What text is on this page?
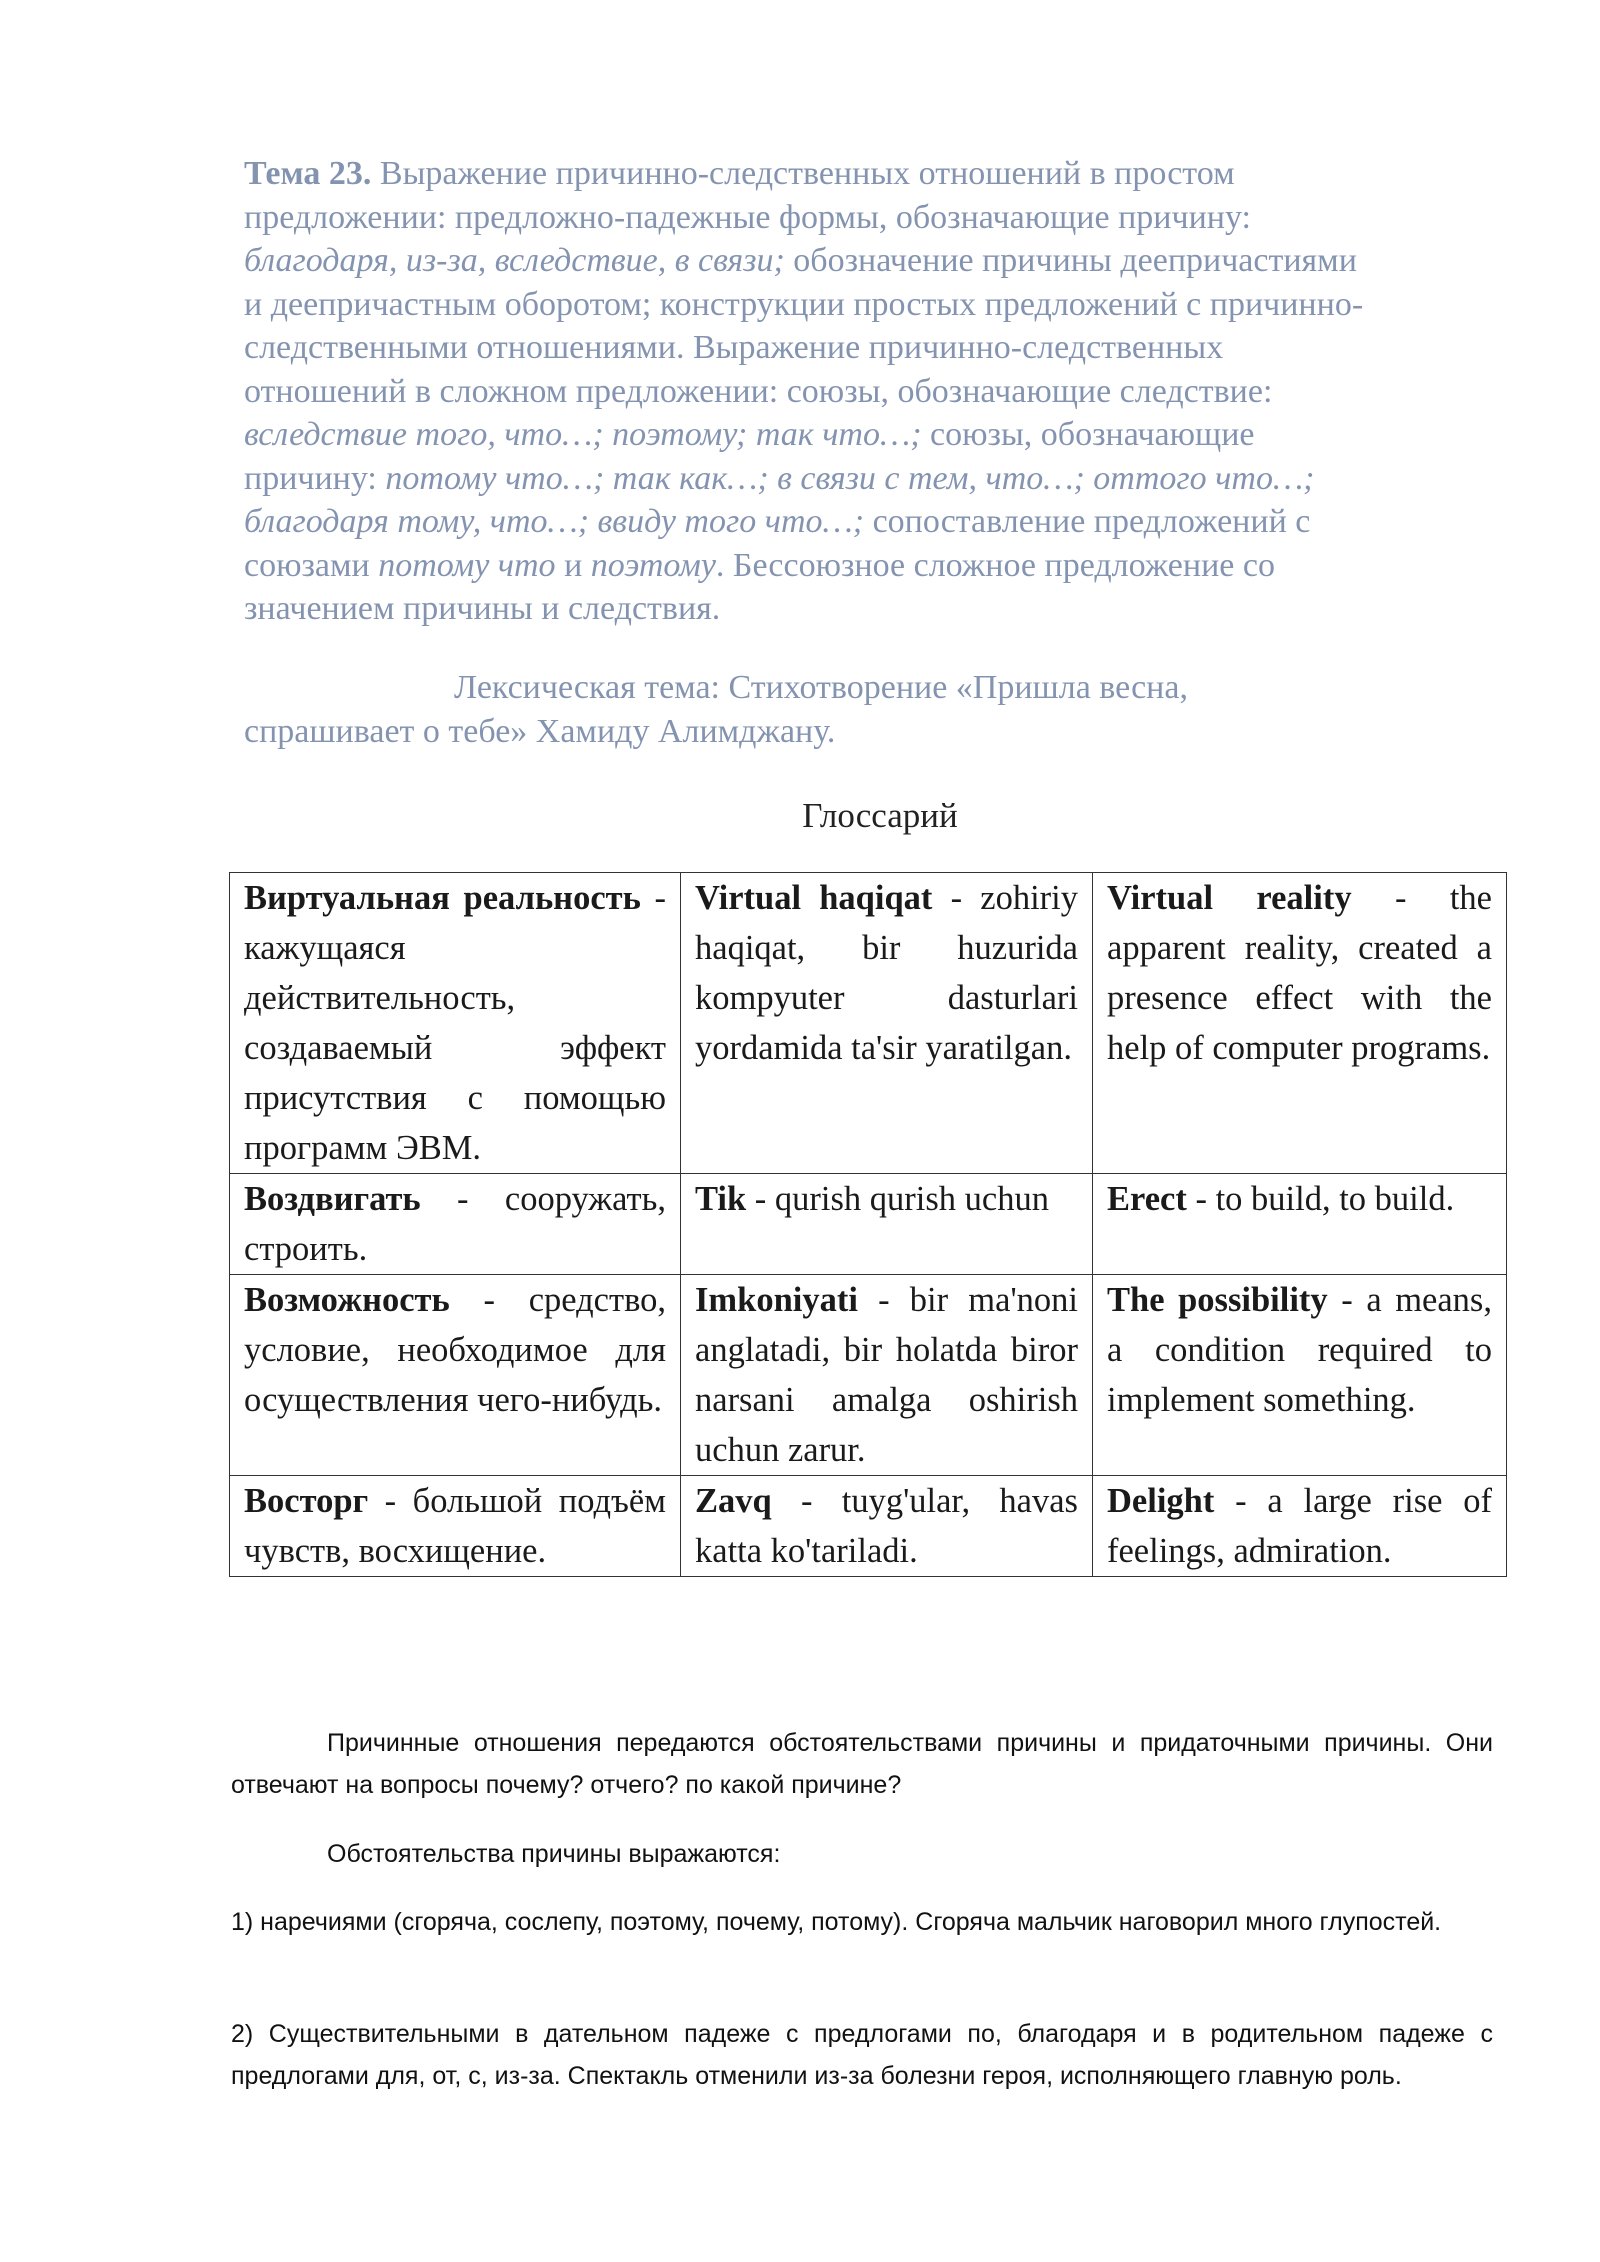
Тема 23. Выражение причинно-следственных отношений в простом предложении: предложно-падежные формы, обозначающие причину: благодаря, из-за, вследствие, в связи; обозначение причины деепричастиями и деепричастным оборотом; конструкции простых предложений с причинно-следственными отношениями. Выражение причинно-следственных отношений в сложном предложении: союзы, обозначающие следствие: вследствие того, что…; поэтому; так что…; союзы, обозначающие причину: потому что…; так как…; в связи с тем, что…; оттого что…; благодаря тому, что…; ввиду того что…; сопоставление предложений с союзами потому что и поэтому. Бессоюзное сложное предложение со значением причины и следствия.

Лексическая тема: Стихотворение «Пришла весна,
спрашивает о тебе» Хамиду Алимджану.
Глоссарий
Виртуальная реальность - кажущаяся действительность, создаваемый эффект присутствия с помощью программ ЭВМ.	Virtual haqiqat - zohiriy haqiqat, bir huzurida kompyuter dasturlari yordamida ta'sir yaratilgan.	Virtual reality - the apparent reality, created a presence effect with the help of computer programs.
Воздвигать - сооружать, строить.	Tik - qurish qurish uchun	Erect - to build, to build.
Возможность - средство, условие, необходимое для осуществления чего-нибудь.	Imkoniyati - bir ma'noni anglatadi, bir holatda biror narsani amalga oshirish uchun zarur.	The possibility - a means, a condition required to implement something.
Восторг - большой подъём чувств, восхищение.	Zavq - tuyg'ular, havas katta ko'tariladi.	Delight - a large rise of feelings, admiration.

Причинные отношения передаются обстоятельствами причины и придаточными причины. Они отвечают на вопросы почему? отчего? по какой причине?

Обстоятельства причины выражаются:

1) наречиями (сгоряча, сослепу, поэтому, почему, потому). Сгоряча мальчик наговорил много глупостей.

2) Существительными в дательном падеже с предлогами по, благодаря и в родительном падеже с предлогами для, от, с, из-за. Спектакль отменили из-за болезни героя, исполняющего главную роль.
